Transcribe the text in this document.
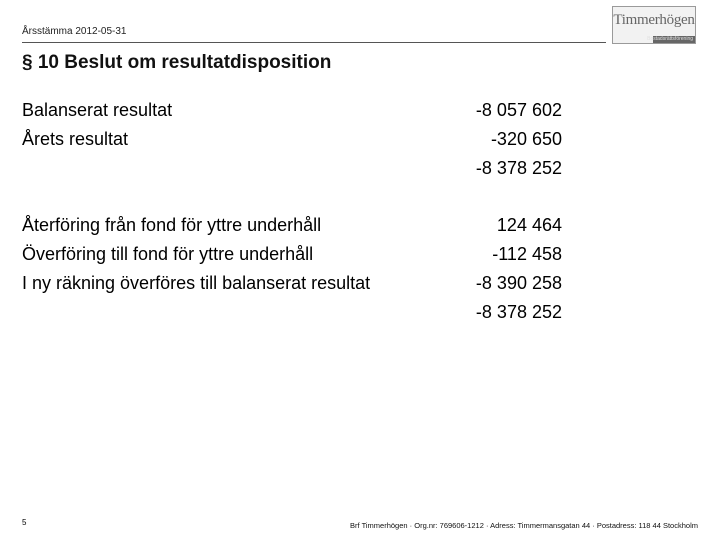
Årsstämma 2012-05-31
Timmerhögen
Bostadsrättsförening
§ 10 Beslut om resultatdisposition
Balanserat resultat	-8 057 602
Årets resultat	-320 650
-8 378 252
Återföring från fond för yttre underhåll	124 464
Överföring till fond för yttre underhåll	-112 458
I ny räkning överföres till balanserat resultat	-8 390 258
-8 378 252
5	Brf Timmerhögen · Org.nr: 769606-1212 · Adress: Timmermansgatan 44 · Postadress: 118 44 Stockholm
